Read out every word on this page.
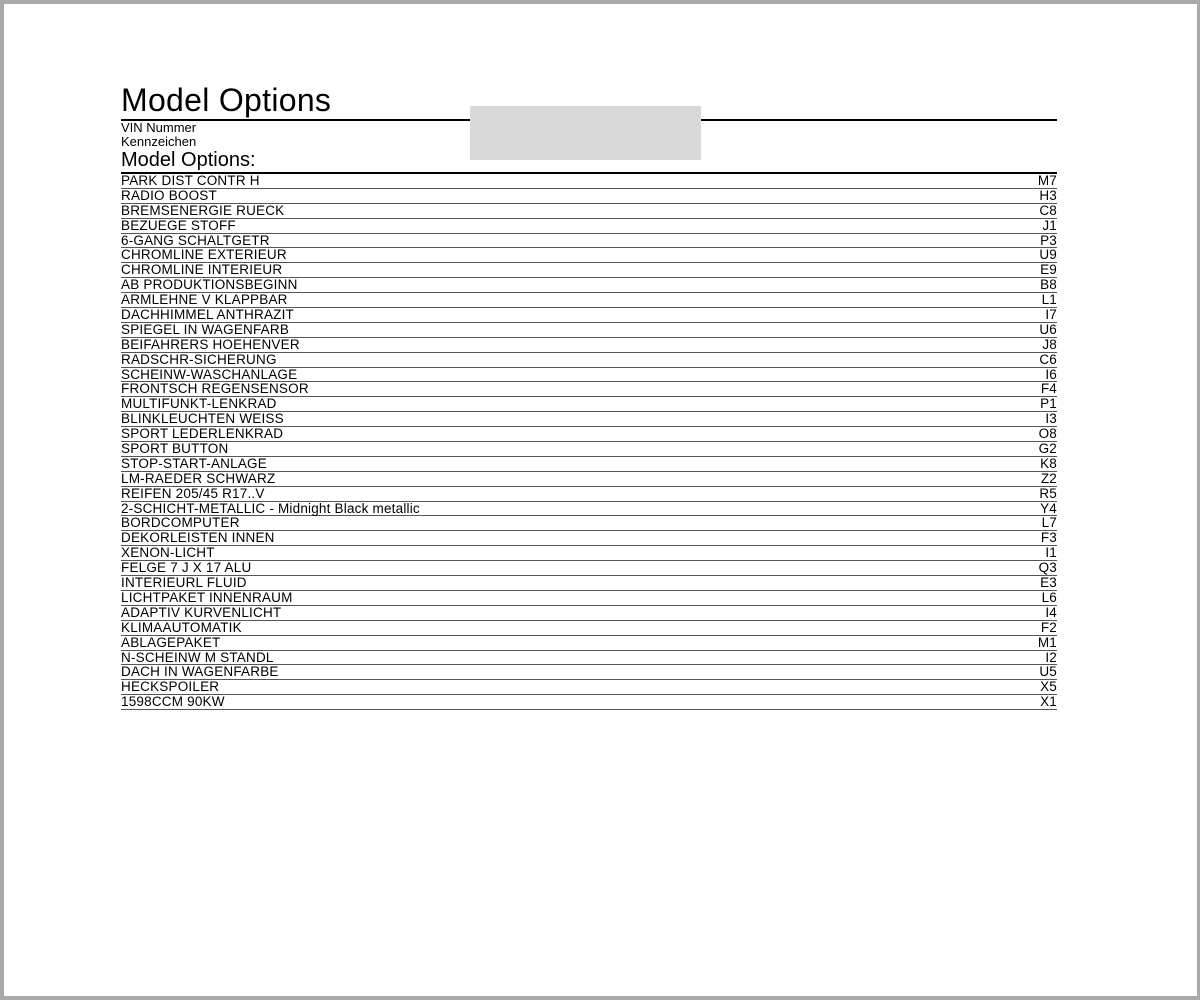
Model Options
VIN Nummer
Kennzeichen
Model Options:
PARK DIST CONTR H	M7
RADIO BOOST	H3
BREMSENERGIE RUECK	C8
BEZUEGE STOFF	J1
6-GANG SCHALTGETR	P3
CHROMLINE EXTERIEUR	U9
CHROMLINE INTERIEUR	E9
AB PRODUKTIONSBEGINN	B8
ARMLEHNE V KLAPPBAR	L1
DACHHIMMEL ANTHRAZIT	I7
SPIEGEL IN WAGENFARB	U6
BEIFAHRERS HOEHENVER	J8
RADSCHR-SICHERUNG	C6
SCHEINW-WASCHANLAGE	I6
FRONTSCH REGENSENSOR	F4
MULTIFUNKT-LENKRAD	P1
BLINKLEUCHTEN WEISS	I3
SPORT LEDERLENKRAD	O8
SPORT BUTTON	G2
STOP-START-ANLAGE	K8
LM-RAEDER SCHWARZ	Z2
REIFEN 205/45 R17..V	R5
2-SCHICHT-METALLIC - Midnight Black metallic	Y4
BORDCOMPUTER	L7
DEKORLEISTEN INNEN	F3
XENON-LICHT	I1
FELGE 7 J X 17 ALU	Q3
INTERIEURL FLUID	E3
LICHTPAKET INNENRAUM	L6
ADAPTIV KURVENLICHT	I4
KLIMAAUTOMATIK	F2
ABLAGEPAKET	M1
N-SCHEINW M STANDL	I2
DACH IN WAGENFARBE	U5
HECKSPOILER	X5
1598CCM 90KW	X1
